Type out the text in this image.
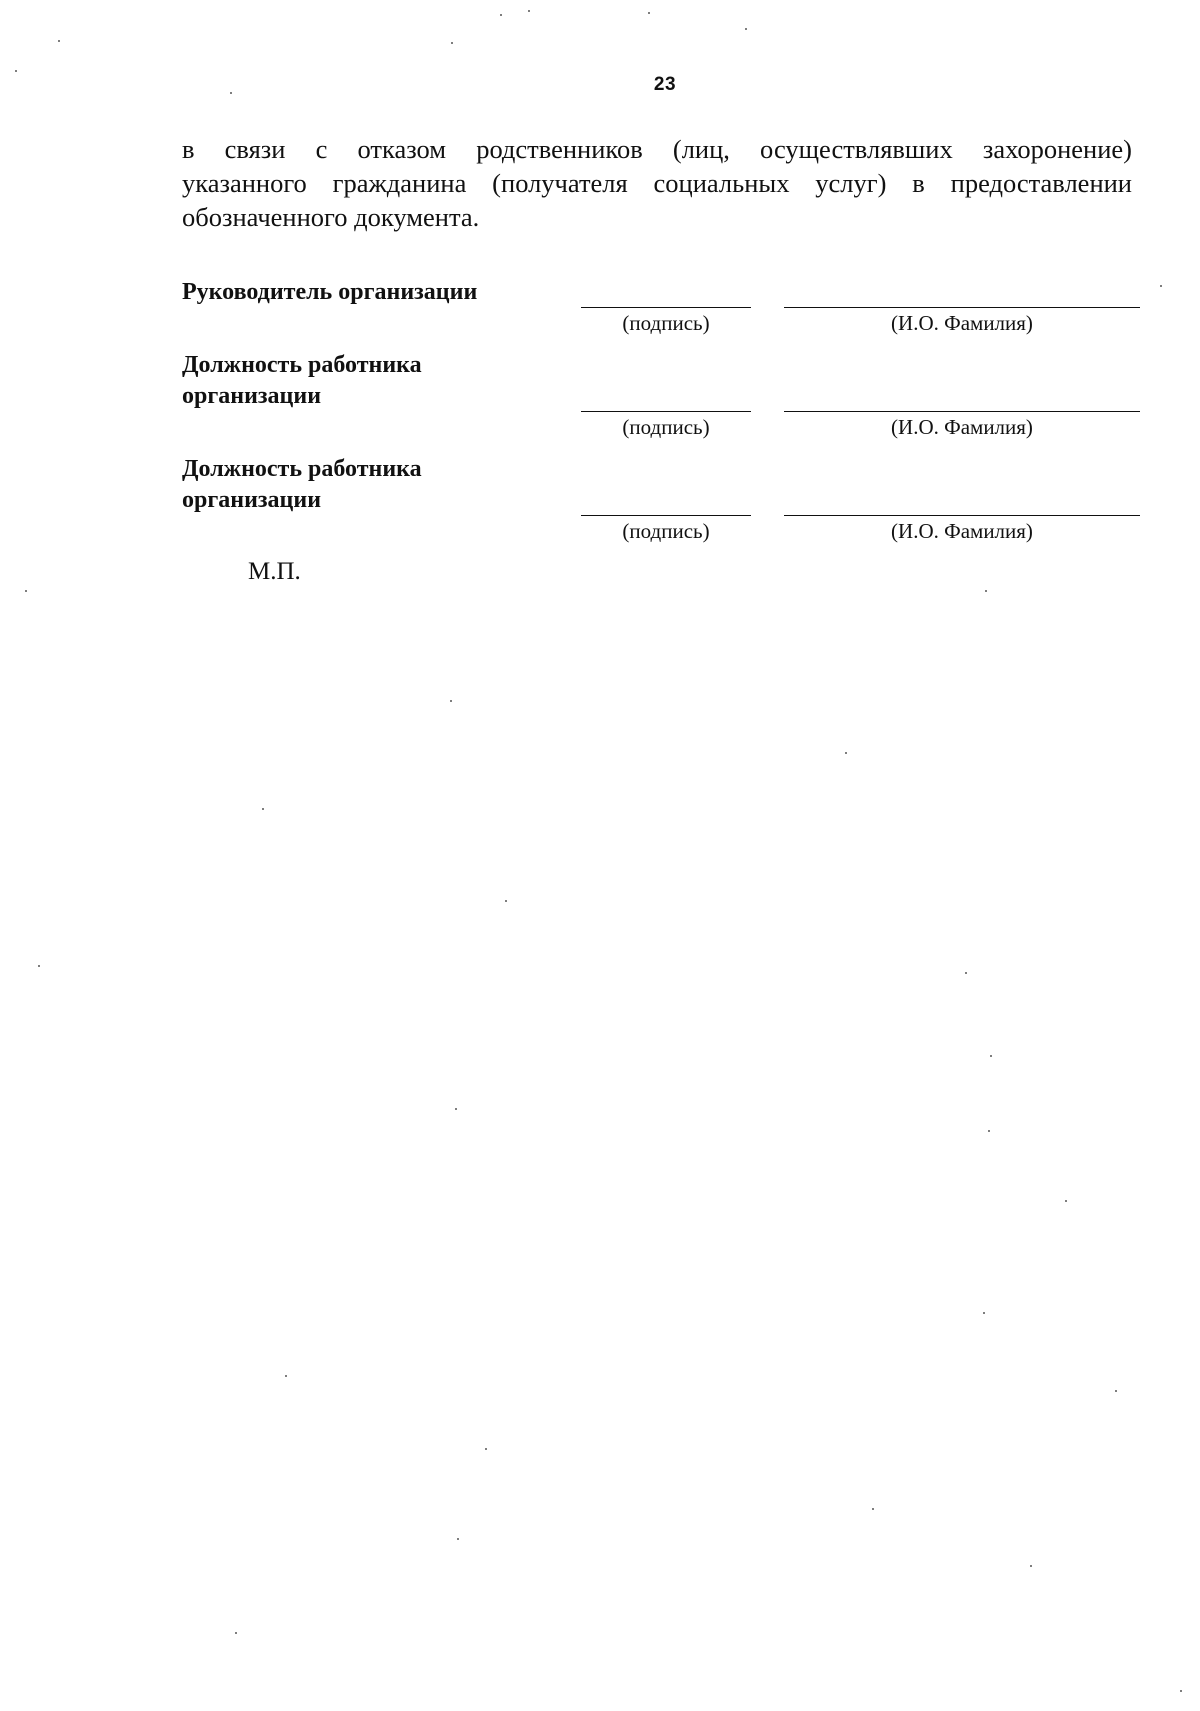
23
в связи с отказом родственников (лиц, осуществлявших захоронение)
указанного гражданина (получателя социальных услуг) в предоставлении
обозначенного документа.
Руководитель организации
(подпись)	(И.О. Фамилия)
Должность работника
организации
(подпись)	(И.О. Фамилия)
Должность работника
организации
(подпись)	(И.О. Фамилия)
М.П.
